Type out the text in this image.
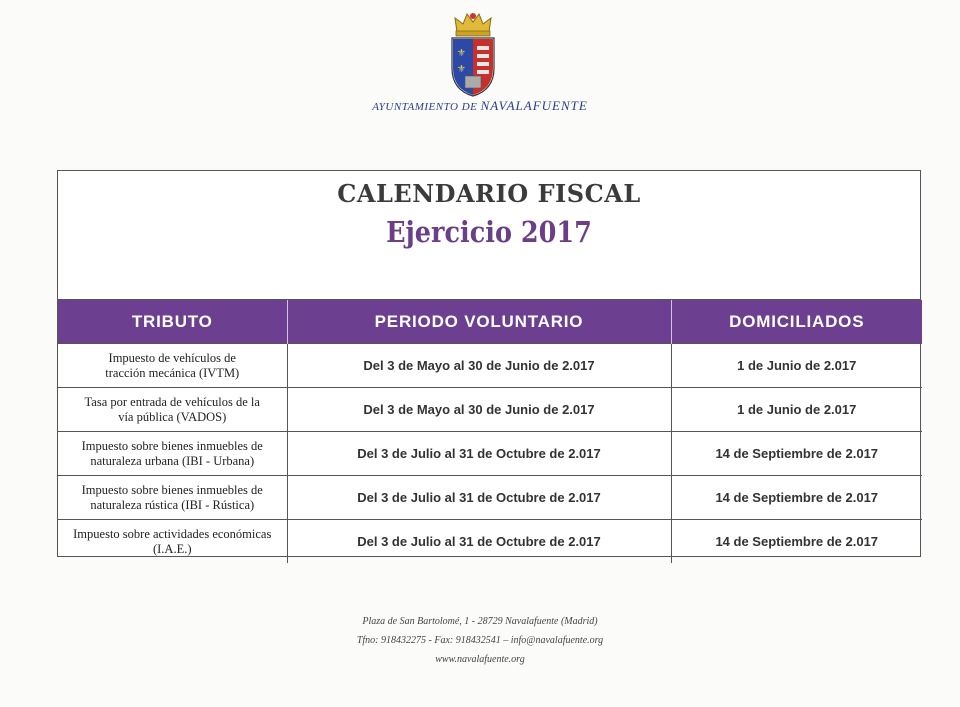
⚜
⚜
AYUNTAMIENTO DE NAVALAFUENTE
CALENDARIO FISCAL
Ejercicio 2017
TRIBUTO	PERIODO VOLUNTARIO	DOMICILIADOS
Impuesto de vehículos de
tracción mecánica (IVTM)	Del 3 de Mayo al 30 de Junio de 2.017	1 de Junio de 2.017
Tasa por entrada de vehículos de la
vía pública (VADOS)	Del 3 de Mayo al 30 de Junio de 2.017	1 de Junio de 2.017
Impuesto sobre bienes inmuebles de
naturaleza urbana (IBI - Urbana)	Del 3 de Julio al 31 de Octubre de 2.017	14 de Septiembre de 2.017
Impuesto sobre bienes inmuebles de
naturaleza rústica (IBI - Rústica)	Del 3 de Julio al 31 de Octubre de 2.017	14 de Septiembre de 2.017
Impuesto sobre actividades económicas
(I.A.E.)	Del 3 de Julio al 31 de Octubre de 2.017	14 de Septiembre de 2.017
Plaza de San Bartolomé, 1 - 28729 Navalafuente (Madrid)
Tfno: 918432275 - Fax: 918432541 – info@navalafuente.org
www.navalafuente.org
